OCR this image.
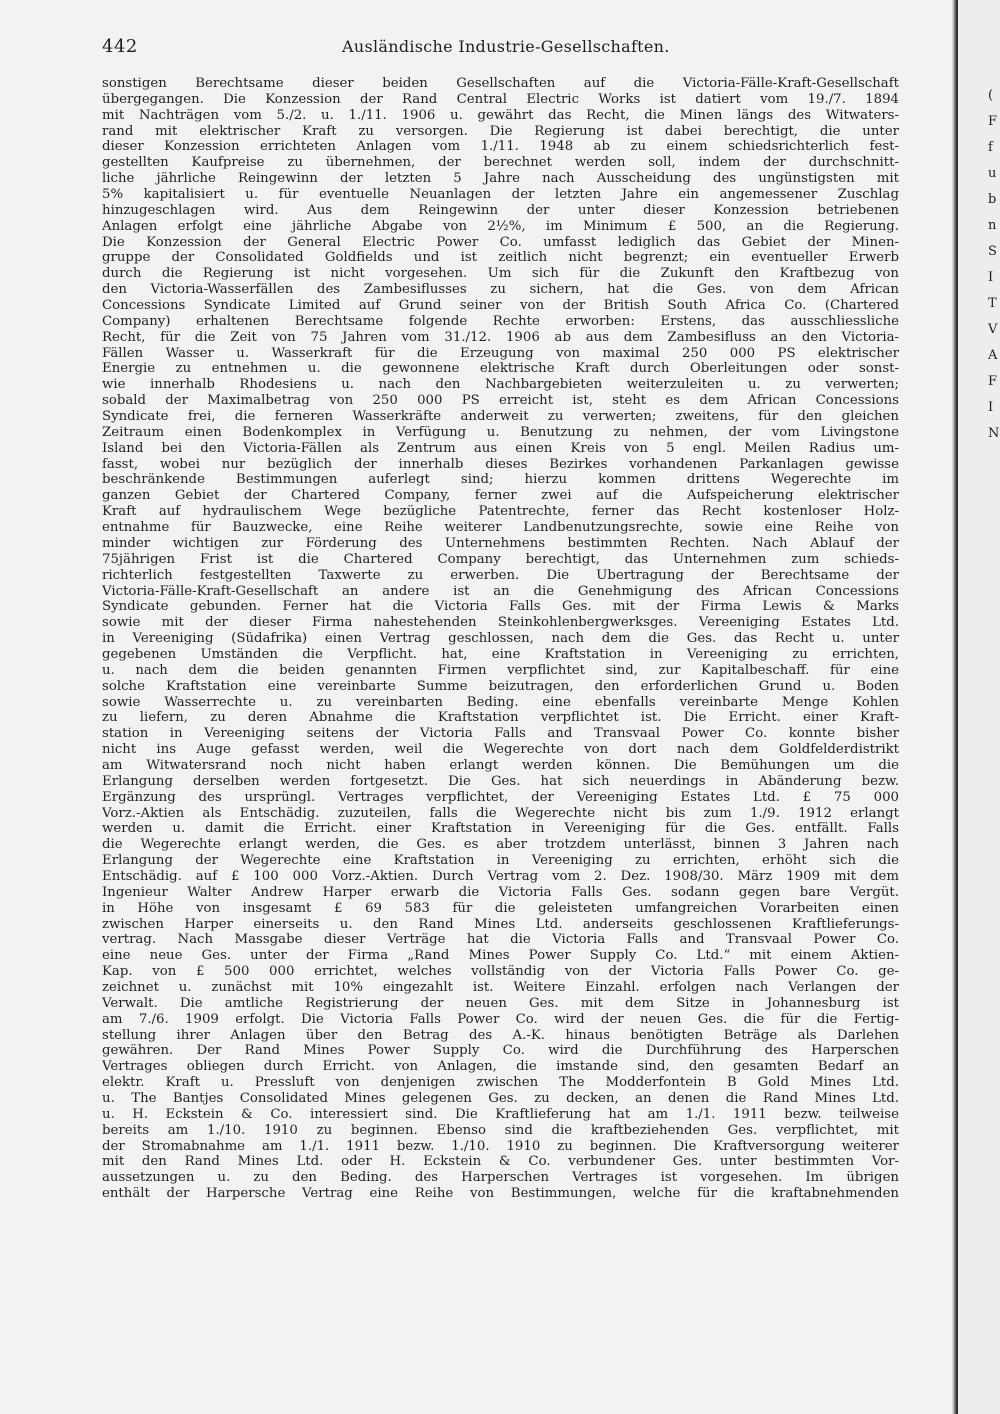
442	Ausländische Industrie-Gesellschaften.
sonstigen Berechtsame dieser beiden Gesellschaften auf die Victoria-Fälle-Kraft-Gesellschaft
übergegangen. Die Konzession der Rand Central Electric Works ist datiert vom 19./7. 1894
mit Nachträgen vom 5./2. u. 1./11. 1906 u. gewährt das Recht, die Minen längs des Witwaters-
rand mit elektrischer Kraft zu versorgen. Die Regierung ist dabei berechtigt, die unter
dieser Konzession errichteten Anlagen vom 1./11. 1948 ab zu einem schiedsrichterlich fest-
gestellten Kaufpreise zu übernehmen, der berechnet werden soll, indem der durchschnitt-
liche jährliche Reingewinn der letzten 5 Jahre nach Ausscheidung des ungünstigsten mit
5% kapitalisiert u. für eventuelle Neuanlagen der letzten Jahre ein angemessener Zuschlag
hinzugeschlagen wird. Aus dem Reingewinn der unter dieser Konzession betriebenen
Anlagen erfolgt eine jährliche Abgabe von 2½%, im Minimum £ 500, an die Regierung.
Die Konzession der General Electric Power Co. umfasst lediglich das Gebiet der Minen-
gruppe der Consolidated Goldfields und ist zeitlich nicht begrenzt; ein eventueller Erwerb
durch die Regierung ist nicht vorgesehen. Um sich für die Zukunft den Kraftbezug von
den Victoria-Wasserfällen des Zambesiflusses zu sichern, hat die Ges. von dem African
Concessions Syndicate Limited auf Grund seiner von der British South Africa Co. (Chartered
Company) erhaltenen Berechtsame folgende Rechte erworben: Erstens, das ausschliessliche
Recht, für die Zeit von 75 Jahren vom 31./12. 1906 ab aus dem Zambesifluss an den Victoria-
Fällen Wasser u. Wasserkraft für die Erzeugung von maximal 250 000 PS elektrischer
Energie zu entnehmen u. die gewonnene elektrische Kraft durch Oberleitungen oder sonst-
wie innerhalb Rhodesiens u. nach den Nachbargebieten weiterzuleiten u. zu verwerten;
sobald der Maximalbetrag von 250 000 PS erreicht ist, steht es dem African Concessions
Syndicate frei, die ferneren Wasserkräfte anderweit zu verwerten; zweitens, für den gleichen
Zeitraum einen Bodenkomplex in Verfügung u. Benutzung zu nehmen, der vom Livingstone
Island bei den Victoria-Fällen als Zentrum aus einen Kreis von 5 engl. Meilen Radius um-
fasst, wobei nur bezüglich der innerhalb dieses Bezirkes vorhandenen Parkanlagen gewisse
beschränkende Bestimmungen auferlegt sind; hierzu kommen drittens Wegerechte im
ganzen Gebiet der Chartered Company, ferner zwei auf die Aufspeicherung elektrischer
Kraft auf hydraulischem Wege bezügliche Patentrechte, ferner das Recht kostenloser Holz-
entnahme für Bauzwecke, eine Reihe weiterer Landbenutzungsrechte, sowie eine Reihe von
minder wichtigen zur Förderung des Unternehmens bestimmten Rechten. Nach Ablauf der
75jährigen Frist ist die Chartered Company berechtigt, das Unternehmen zum schieds-
richterlich festgestellten Taxwerte zu erwerben. Die Übertragung der Berechtsame der
Victoria-Fälle-Kraft-Gesellschaft an andere ist an die Genehmigung des African Concessions
Syndicate gebunden. Ferner hat die Victoria Falls Ges. mit der Firma Lewis & Marks
sowie mit der dieser Firma nahestehenden Steinkohlenbergwerksges. Vereeniging Estates Ltd.
in Vereeniging (Südafrika) einen Vertrag geschlossen, nach dem die Ges. das Recht u. unter
gegebenen Umständen die Verpflicht. hat, eine Kraftstation in Vereeniging zu errichten,
u. nach dem die beiden genannten Firmen verpflichtet sind, zur Kapitalbeschaff. für eine
solche Kraftstation eine vereinbarte Summe beizutragen, den erforderlichen Grund u. Boden
sowie Wasserrechte u. zu vereinbarten Beding. eine ebenfalls vereinbarte Menge Kohlen
zu liefern, zu deren Abnahme die Kraftstation verpflichtet ist. Die Erricht. einer Kraft-
station in Vereeniging seitens der Victoria Falls and Transvaal Power Co. konnte bisher
nicht ins Auge gefasst werden, weil die Wegerechte von dort nach dem Goldfelderdistrikt
am Witwatersrand noch nicht haben erlangt werden können. Die Bemühungen um die
Erlangung derselben werden fortgesetzt. Die Ges. hat sich neuerdings in Abänderung bezw.
Ergänzung des ursprüngl. Vertrages verpflichtet, der Vereeniging Estates Ltd. £ 75 000
Vorz.-Aktien als Entschädig. zuzuteilen, falls die Wegerechte nicht bis zum 1./9. 1912 erlangt
werden u. damit die Erricht. einer Kraftstation in Vereeniging für die Ges. entfällt. Falls
die Wegerechte erlangt werden, die Ges. es aber trotzdem unterlässt, binnen 3 Jahren nach
Erlangung der Wegerechte eine Kraftstation in Vereeniging zu errichten, erhöht sich die
Entschädig. auf £ 100 000 Vorz.-Aktien. Durch Vertrag vom 2. Dez. 1908/30. März 1909 mit dem
Ingenieur Walter Andrew Harper erwarb die Victoria Falls Ges. sodann gegen bare Vergüt.
in Höhe von insgesamt £ 69 583 für die geleisteten umfangreichen Vorarbeiten einen
zwischen Harper einerseits u. den Rand Mines Ltd. anderseits geschlossenen Kraftlieferungs-
vertrag. Nach Massgabe dieser Verträge hat die Victoria Falls and Transvaal Power Co.
eine neue Ges. unter der Firma „Rand Mines Power Supply Co. Ltd.“ mit einem Aktien-
Kap. von £ 500 000 errichtet, welches vollständig von der Victoria Falls Power Co. ge-
zeichnet u. zunächst mit 10% eingezahlt ist. Weitere Einzahl. erfolgen nach Verlangen der
Verwalt. Die amtliche Registrierung der neuen Ges. mit dem Sitze in Johannesburg ist
am 7./6. 1909 erfolgt. Die Victoria Falls Power Co. wird der neuen Ges. die für die Fertig-
stellung ihrer Anlagen über den Betrag des A.-K. hinaus benötigten Beträge als Darlehen
gewähren. Der Rand Mines Power Supply Co. wird die Durchführung des Harperschen
Vertrages obliegen durch Erricht. von Anlagen, die imstande sind, den gesamten Bedarf an
elektr. Kraft u. Pressluft von denjenigen zwischen The Modderfontein B Gold Mines Ltd.
u. The Bantjes Consolidated Mines gelegenen Ges. zu decken, an denen die Rand Mines Ltd.
u. H. Eckstein & Co. interessiert sind. Die Kraftlieferung hat am 1./1. 1911 bezw. teilweise
bereits am 1./10. 1910 zu beginnen. Ebenso sind die kraftbeziehenden Ges. verpflichtet, mit
der Stromabnahme am 1./1. 1911 bezw. 1./10. 1910 zu beginnen. Die Kraftversorgung weiterer
mit den Rand Mines Ltd. oder H. Eckstein & Co. verbundener Ges. unter bestimmten Vor-
aussetzungen u. zu den Beding. des Harperschen Vertrages ist vorgesehen. Im übrigen
enthält der Harpersche Vertrag eine Reihe von Bestimmungen, welche für die kraftabnehmenden
(
F
f
u
b
n
S
I
T
V
A
F
I
N
